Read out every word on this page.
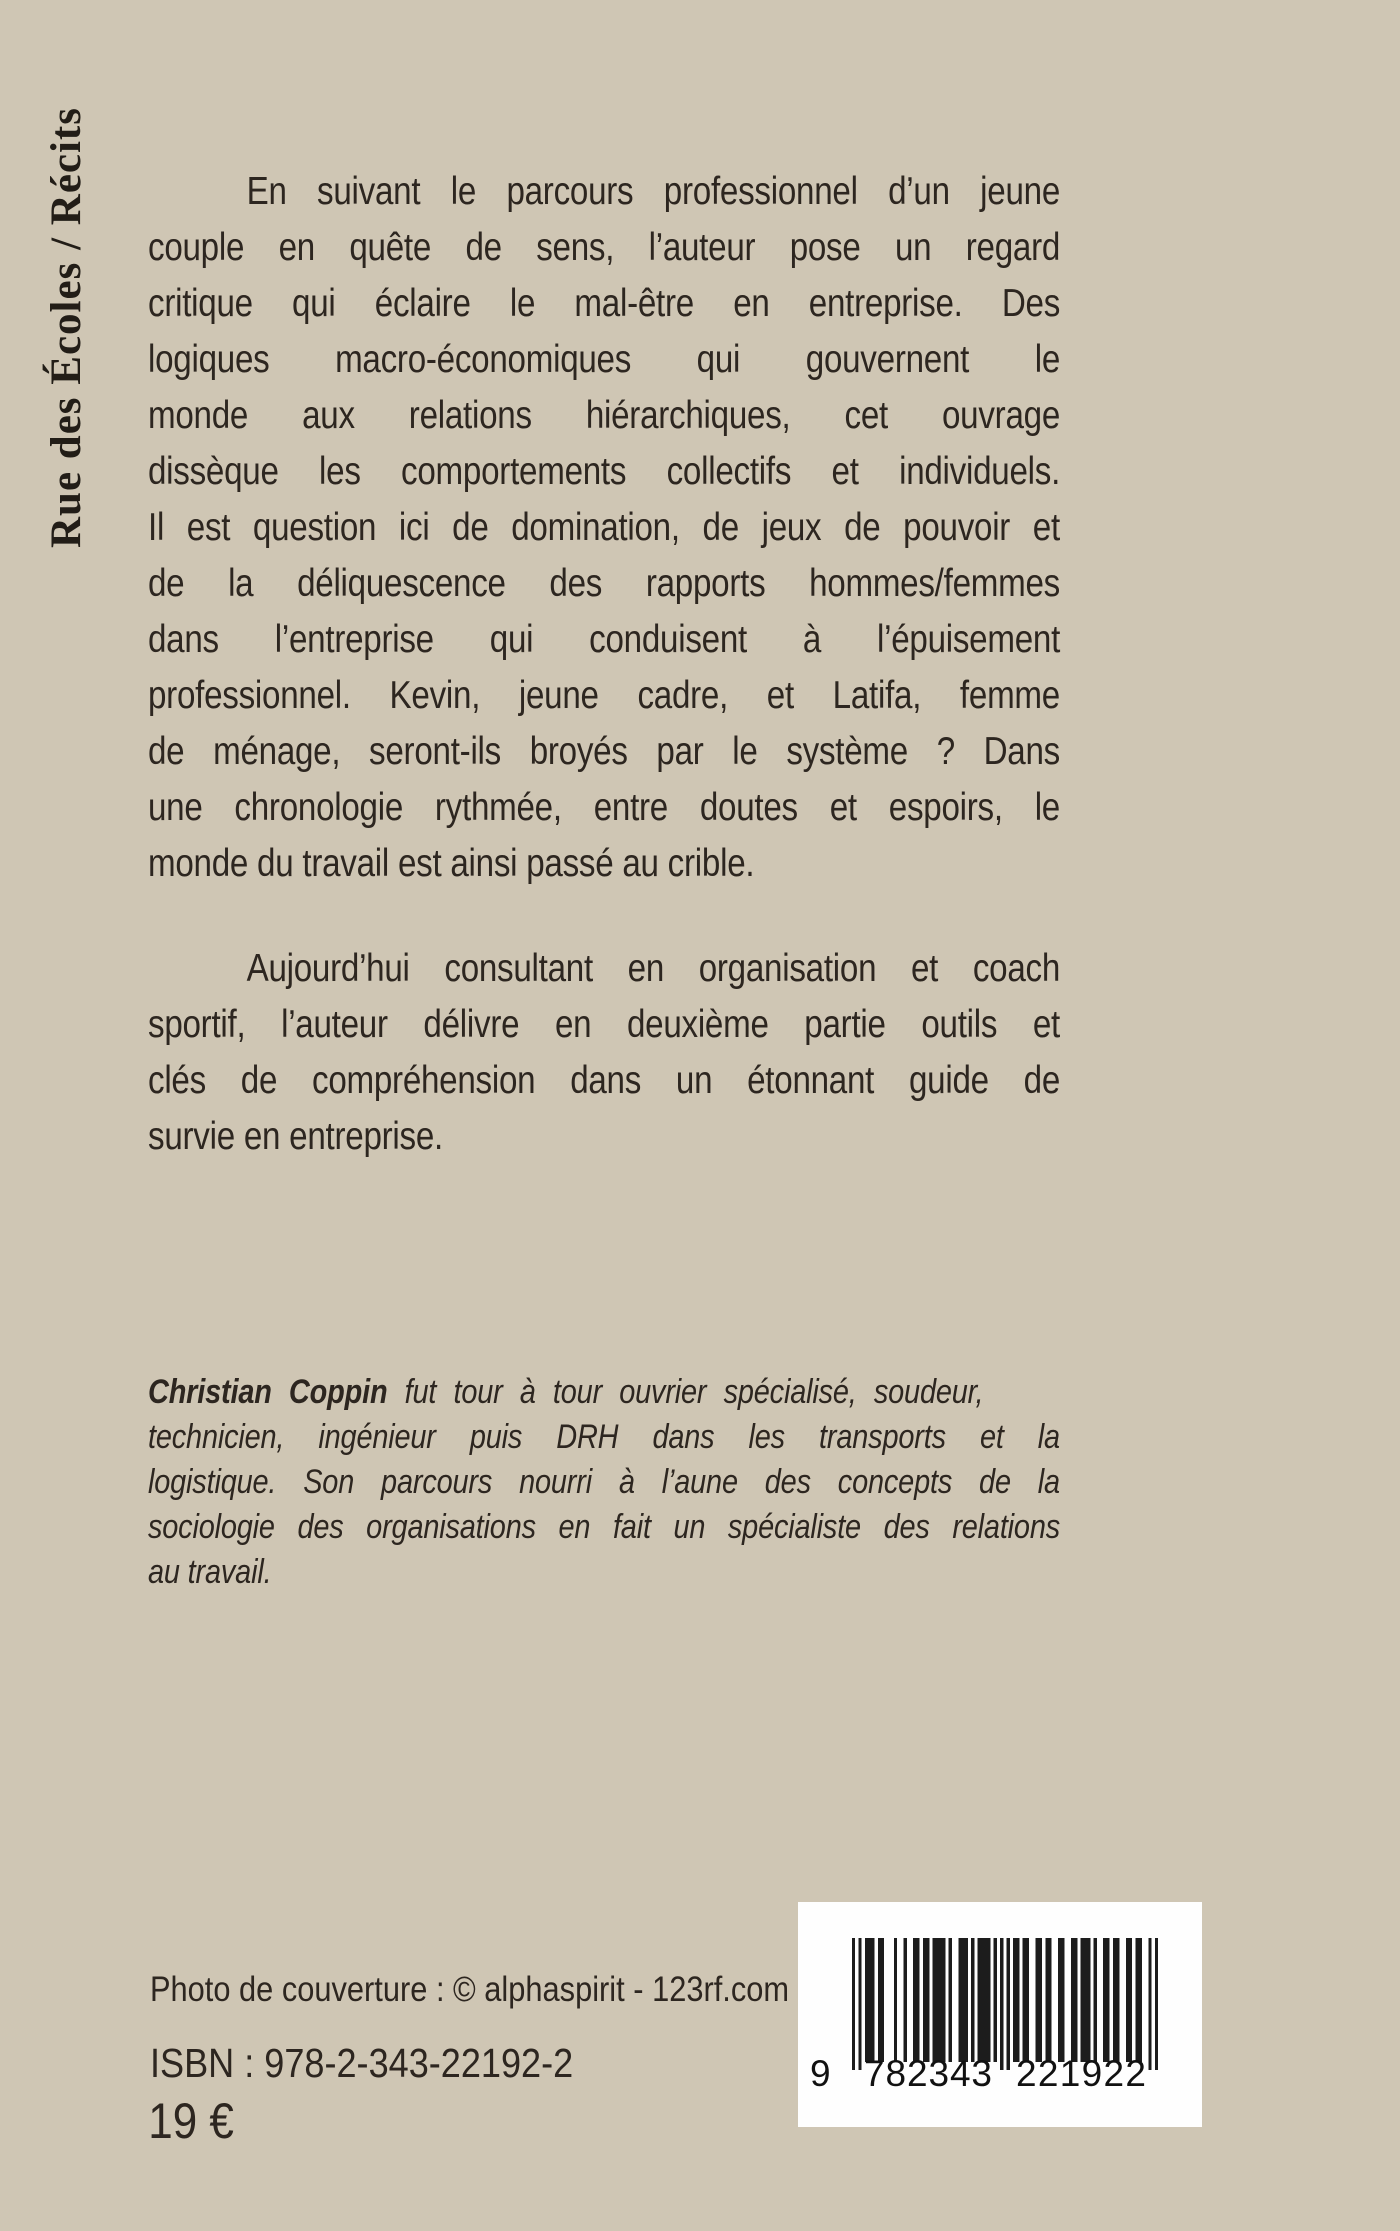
Rue des Écoles / Récits	En suivant le parcours professionnel d’un jeune
couple en quête de sens, l’auteur pose un regard
critique qui éclaire le mal-être en entreprise. Des
logiques macro-économiques qui gouvernent le
monde aux relations hiérarchiques, cet ouvrage
dissèque les comportements collectifs et individuels.
Il est question ici de domination, de jeux de pouvoir et
de la déliquescence des rapports hommes/femmes
dans l’entreprise qui conduisent à l’épuisement
professionnel. Kevin, jeune cadre, et Latifa, femme
de ménage, seront-ils broyés par le système ? Dans
une chronologie rythmée, entre doutes et espoirs, le
monde du travail est ainsi passé au crible.
Aujourd’hui consultant en organisation et coach
sportif, l’auteur délivre en deuxième partie outils et
clés de compréhension dans un étonnant guide de
survie en entreprise.
Christian Coppin fut tour à tour ouvrier spécialisé, soudeur,
technicien, ingénieur puis DRH dans les transports et la
logistique. Son parcours nourri à l’aune des concepts de la
sociologie des organisations en fait un spécialiste des relations
au travail.
Photo de couverture : © alphaspirit - 123rf.com
ISBN : 978-2-343-22192-2
19 €
9 7 8 2 3 4 3 2 2 1 9 2 2
